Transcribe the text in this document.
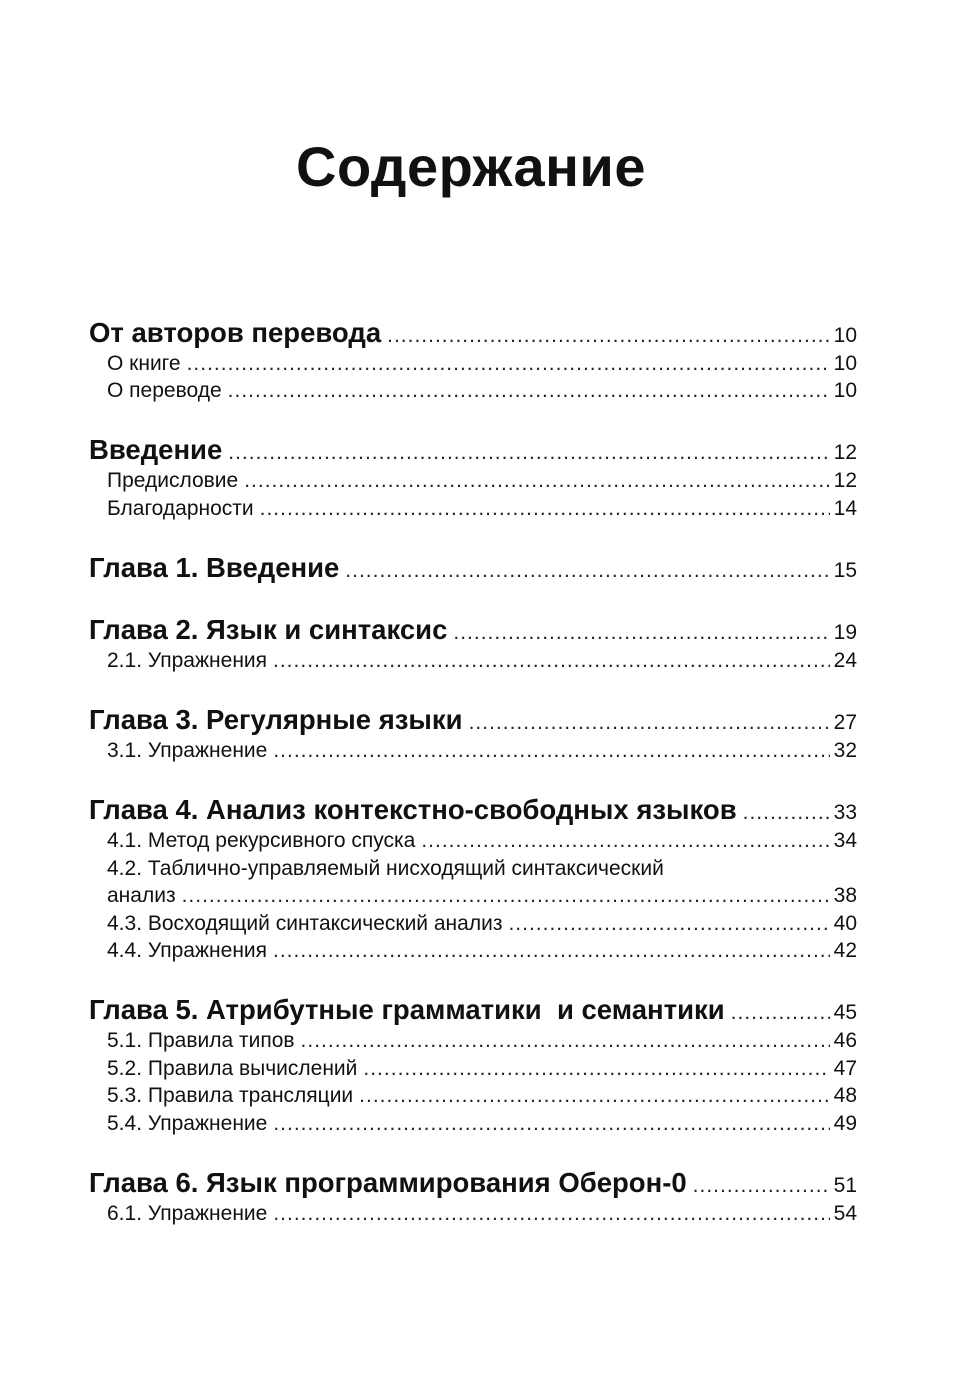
Содержание
От авторов перевода .....	10
О книге .....	10
О переводе .....	10
Введение .....	12
Предисловие .....	12
Благодарности .....	14
Глава 1. Введение .....	15
Глава 2. Язык и синтаксис .....	19
2.1. Упражнения .....	24
Глава 3. Регулярные языки .....	27
3.1. Упражнение .....	32
Глава 4. Анализ контекстно-свободных языков .....	33
4.1. Метод рекурсивного спуска .....	34
4.2. Таблично-управляемый нисходящий синтаксический
анализ .....	38
4.3. Восходящий синтаксический анализ .....	40
4.4. Упражнения .....	42
Глава 5. Атрибутные грамматики  и семантики .....	45
5.1. Правила типов .....	46
5.2. Правила вычислений .....	47
5.3. Правила трансляции .....	48
5.4. Упражнение .....	49
Глава 6. Язык программирования Оберон-0 .....	51
6.1. Упражнение .....	54
